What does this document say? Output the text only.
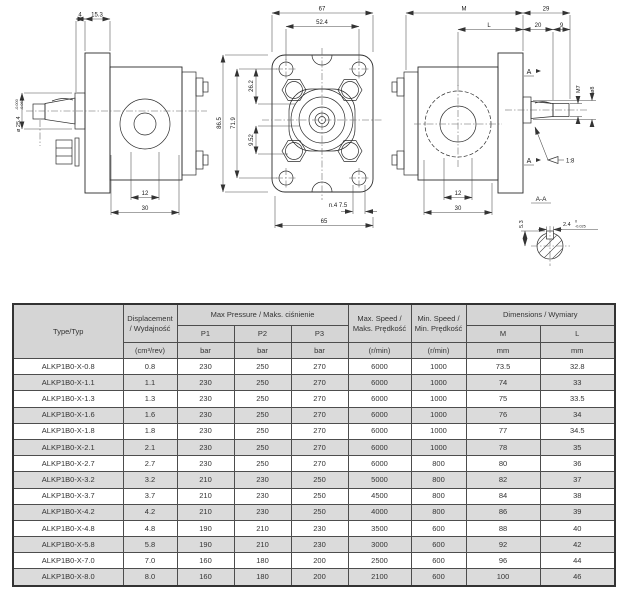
4 15.3
ø 25.4
-0.000 -0.063
12
30
67
52.4
86.5 71.9
26.2
9.52
n.4 7.5
65
M	29
L	20	9
M7 ø8
A
A	1:8
12
30
A-A
5.3	2.4
0
-0.025
Type/Typ	Displacement / Wydajność	Max Pressure / Maks. ciśnienie			Max. Speed / Maks. Prędkość	Min. Speed / Min. Prędkość	Dimensions / Wymiary	
		P1	P2	P3			M	L
	(cm³/rev)	bar	bar	bar	(r/min)	(r/min)	mm	mm
ALKP1B0-X-0.8	0.8	230	250	270	6000	1000	73.5	32.8
ALKP1B0-X-1.1	1.1	230	250	270	6000	1000	74	33
ALKP1B0-X-1.3	1.3	230	250	270	6000	1000	75	33.5
ALKP1B0-X-1.6	1.6	230	250	270	6000	1000	76	34
ALKP1B0-X-1.8	1.8	230	250	270	6000	1000	77	34.5
ALKP1B0-X-2.1	2.1	230	250	270	6000	1000	78	35
ALKP1B0-X-2.7	2.7	230	250	270	6000	800	80	36
ALKP1B0-X-3.2	3.2	210	230	250	5000	800	82	37
ALKP1B0-X-3.7	3.7	210	230	250	4500	800	84	38
ALKP1B0-X-4.2	4.2	210	230	250	4000	800	86	39
ALKP1B0-X-4.8	4.8	190	210	230	3500	600	88	40
ALKP1B0-X-5.8	5.8	190	210	230	3000	600	92	42
ALKP1B0-X-7.0	7.0	160	180	200	2500	600	96	44
ALKP1B0-X-8.0	8.0	160	180	200	2100	600	100	46
